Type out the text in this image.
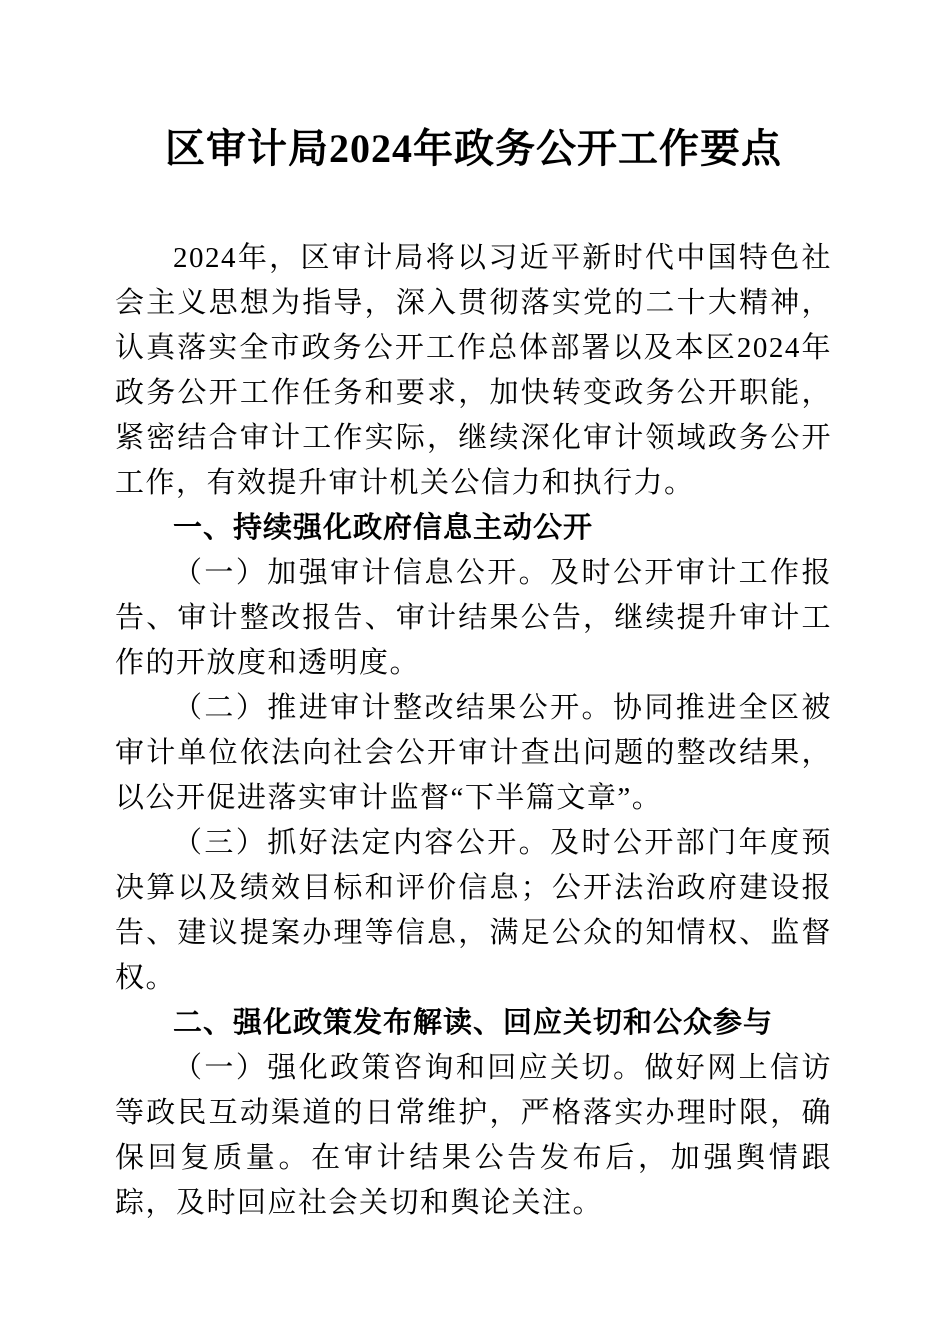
区审计局2024年政务公开工作要点

2024年，区审计局将以习近平新时代中国特色社会主义思想为指导，深入贯彻落实党的二十大精神，认真落实全市政务公开工作总体部署以及本区2024年政务公开工作任务和要求，加快转变政务公开职能，紧密结合审计工作实际，继续深化审计领域政务公开工作，有效提升审计机关公信力和执行力。

一、持续强化政府信息主动公开

（一）加强审计信息公开。及时公开审计工作报告、审计整改报告、审计结果公告，继续提升审计工作的开放度和透明度。

（二）推进审计整改结果公开。协同推进全区被审计单位依法向社会公开审计查出问题的整改结果，以公开促进落实审计监督“下半篇文章”。

（三）抓好法定内容公开。及时公开部门年度预决算以及绩效目标和评价信息；公开法治政府建设报告、建议提案办理等信息，满足公众的知情权、监督权。

二、强化政策发布解读、回应关切和公众参与

（一）强化政策咨询和回应关切。做好网上信访等政民互动渠道的日常维护，严格落实办理时限，确保回复质量。在审计结果公告发布后，加强舆情跟踪，及时回应社会关切和舆论关注。
